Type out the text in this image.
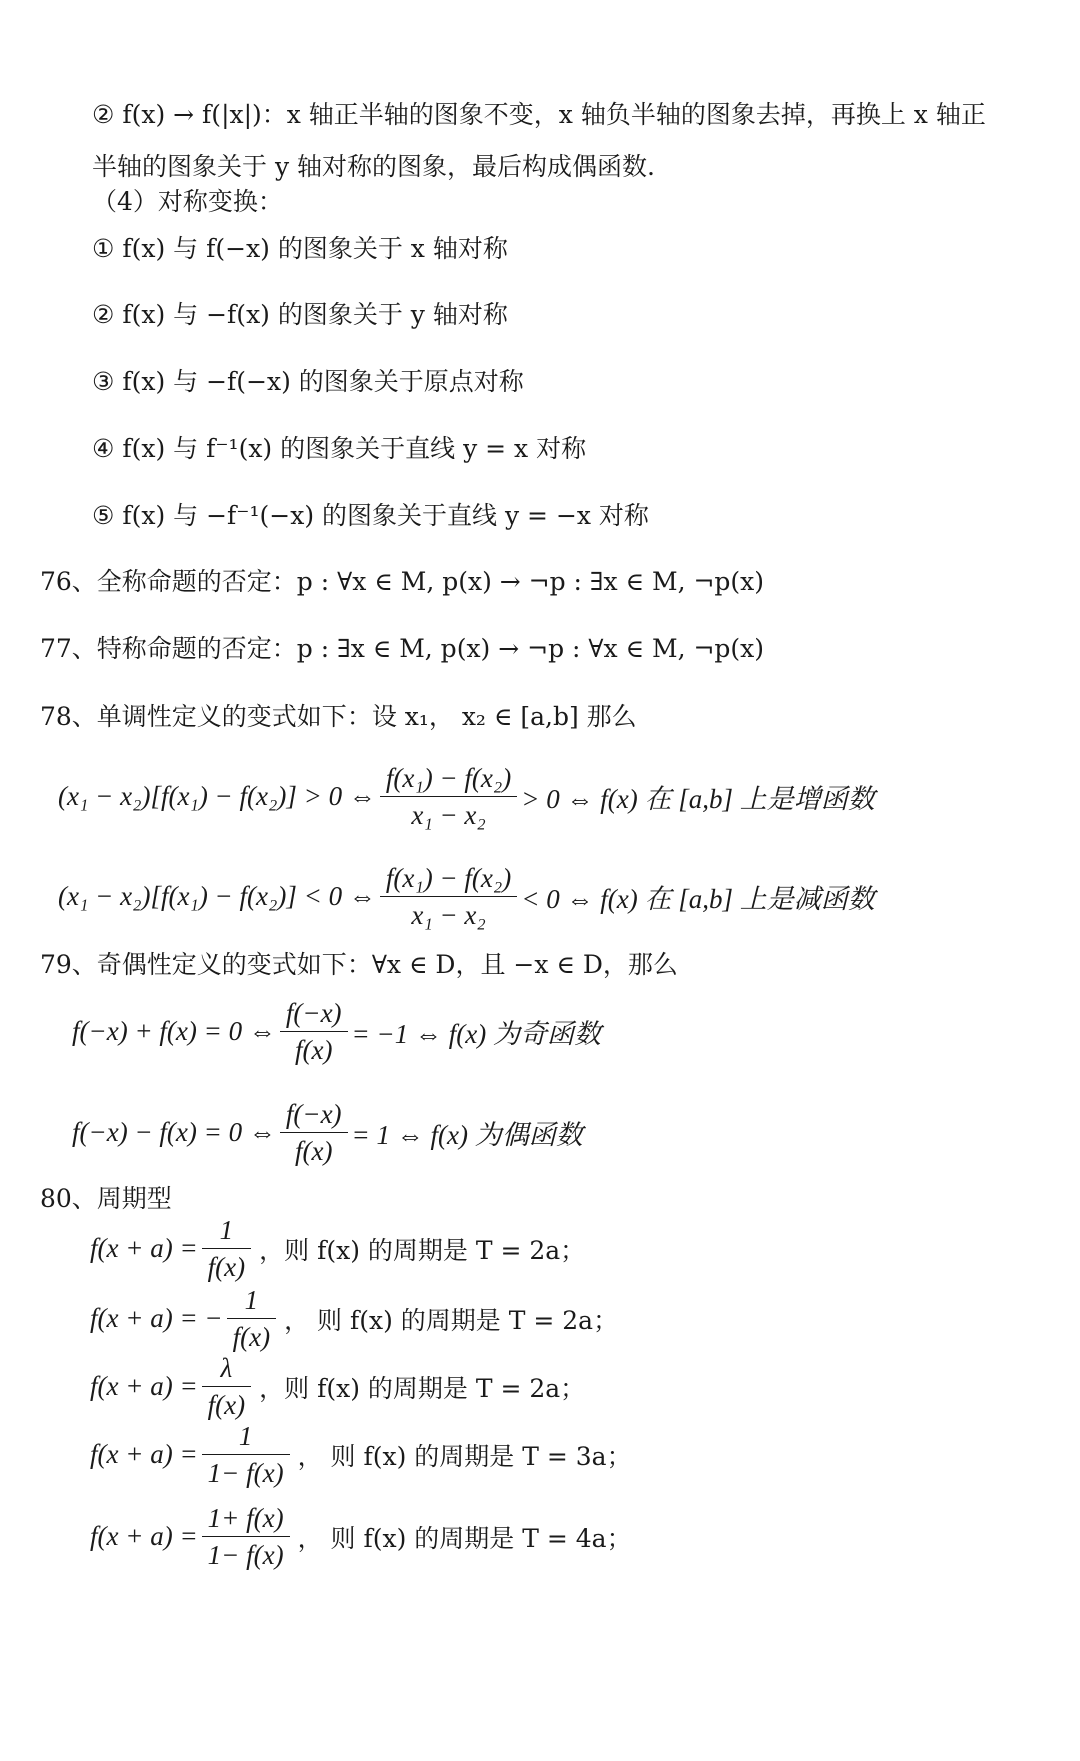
② f(x) → f(|x|)：x 轴正半轴的图象不变，x 轴负半轴的图象去掉，再换上 x 轴正
半轴的图象关于 y 轴对称的图象，最后构成偶函数.
（4）对称变换：
① f(x) 与 f(−x) 的图象关于 x 轴对称
② f(x) 与 −f(x) 的图象关于 y 轴对称
③ f(x) 与 −f(−x) 的图象关于原点对称
④ f(x) 与 f⁻¹(x) 的图象关于直线 y = x 对称
⑤ f(x) 与 −f⁻¹(−x) 的图象关于直线 y = −x 对称
76、全称命题的否定：p : ∀x ∈ M, p(x) → ¬p : ∃x ∈ M, ¬p(x)
77、特称命题的否定：p : ∃x ∈ M, p(x) → ¬p : ∀x ∈ M, ¬p(x)
78、单调性定义的变式如下：设 x₁， x₂ ∈ [a,b] 那么
(x₁ − x₂)[f(x₁) − f(x₂)] > 0 ⇔ $\frac{\text{f(x₁) − f(x₂)}}{\text{x₁ − x₂}} > 0$ ⇔ f(x) 在 [a,b] 上是增函数
(x₁ − x₂)[f(x₁) − f(x₂)] < 0 ⇔ $\frac{\text{f(x₁) − f(x₂)}}{\text{x₁ − x₂}} < 0$ ⇔ f(x) 在 [a,b] 上是减函数
79、奇偶性定义的变式如下：∀x ∈ D，且 −x ∈ D，那么
f(−x) + f(x) = 0 ⇔ $\frac{f(-x)}{f(x)} = -1$ ⇔ f(x) 为奇函数
f(−x) − f(x) = 0 ⇔ $\frac{f(-x)}{f(x)} = 1$ ⇔ f(x) 为偶函数
80、周期型
$f(x + a) = \frac{1}{f(x)}$ ，则 f(x) 的周期是 T = 2a；
f(x + a) = − $\frac{1}{f(x)}$ ， 则 f(x) 的周期是 T = 2a；
$f(x + a) = \frac{\lambda}{f(x)}$ ，则 f(x) 的周期是 T = 2a；
$f(x + a) = \frac{1}{1- f(x)}$ ， 则 f(x) 的周期是 T = 3a；
$f(x + a) = \frac{1+ f(x)}{1- f(x)}$ ， 则 f(x) 的周期是 T = 4a；
